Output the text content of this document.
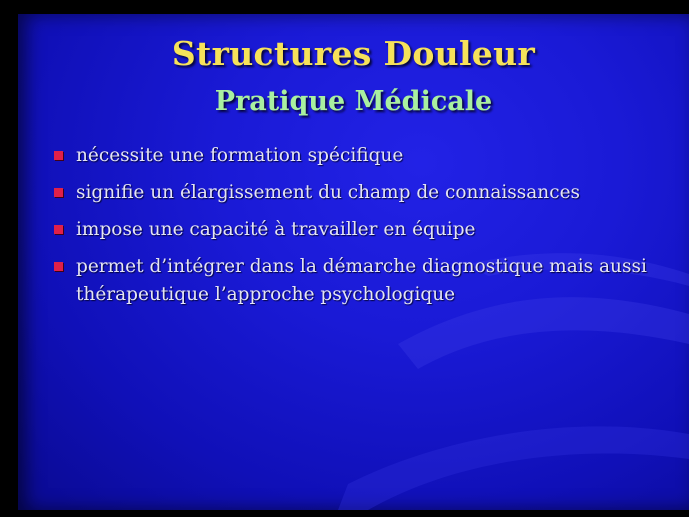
Structures Douleur
Pratique Médicale
nécessite une formation spécifique
signifie un élargissement du champ de connaissances
impose une capacité à travailler en équipe
permet d’intégrer dans la démarche diagnostique mais aussi thérapeutique l’approche psychologique
